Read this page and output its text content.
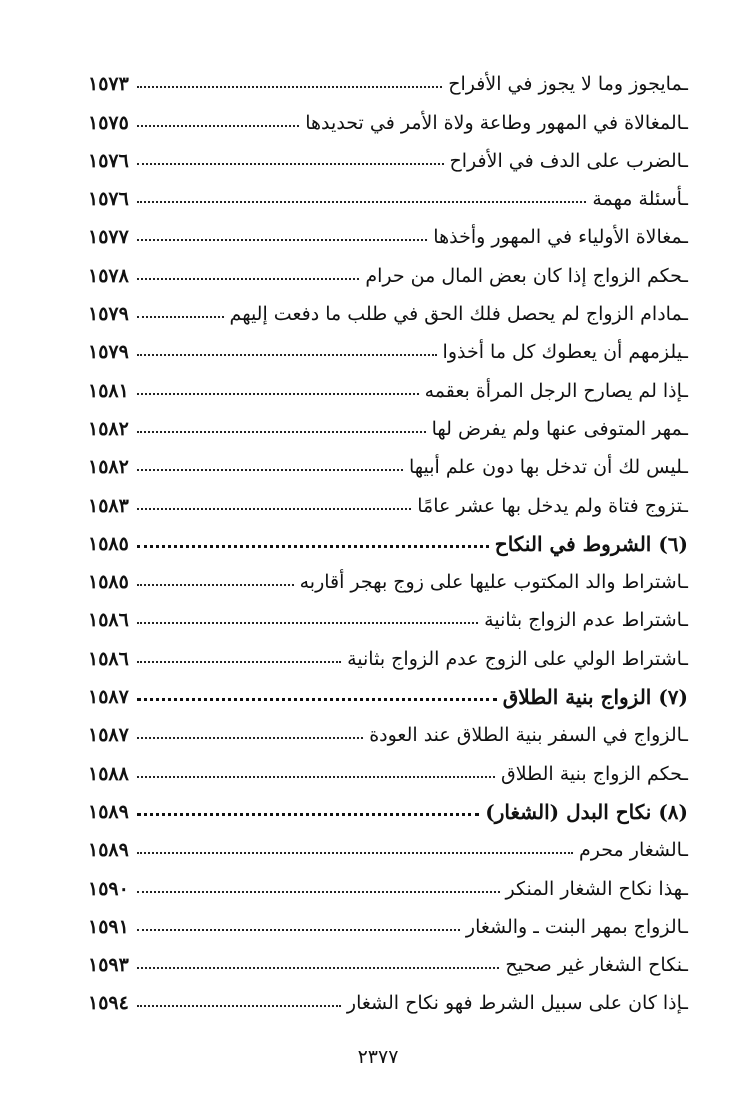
ـمايجوز وما لا يجوز في الأفراح
١٥٧٣
ـالمغالاة في المهور وطاعة ولاة الأمر في تحديدها
١٥٧٥
ـالضرب على الدف في الأفراح
١٥٧٦
ـأسئلة مهمة
١٥٧٦
ـمغالاة الأولياء في المهور وأخذها
١٥٧٧
ـحكم الزواج إذا كان بعض المال من حرام
١٥٧٨
ـمادام الزواج لم يحصل فلك الحق في طلب ما دفعت إليهم
١٥٧٩
ـيلزمهم أن يعطوك كل ما أخذوا
١٥٧٩
ـإذا لم يصارح الرجل المرأة بعقمه
١٥٨١
ـمهر المتوفى عنها ولم يفرض لها
١٥٨٢
ـليس لك أن تدخل بها دون علم أبيها
١٥٨٢
ـتزوج فتاة ولم يدخل بها عشر عامًا
١٥٨٣
(٦) الشروط في النكاح
١٥٨٥
ـاشتراط والد المكتوب عليها على زوج بهجر أقاربه
١٥٨٥
ـاشتراط عدم الزواج بثانية
١٥٨٦
ـاشتراط الولي على الزوج عدم الزواج بثانية
١٥٨٦
(٧) الزواج بنية الطلاق
١٥٨٧
ـالزواج في السفر بنية الطلاق عند العودة
١٥٨٧
ـحكم الزواج بنية الطلاق
١٥٨٨
(٨) نكاح البدل (الشغار)
١٥٨٩
ـالشغار محرم
١٥٨٩
ـهذا نكاح الشغار المنكر
١٥٩٠
ـالزواج بمهر البنت ـ والشغار
١٥٩١
ـنكاح الشغار غير صحيح
١٥٩٣
ـإذا كان على سبيل الشرط فهو نكاح الشغار
١٥٩٤
٢٣٧٧
